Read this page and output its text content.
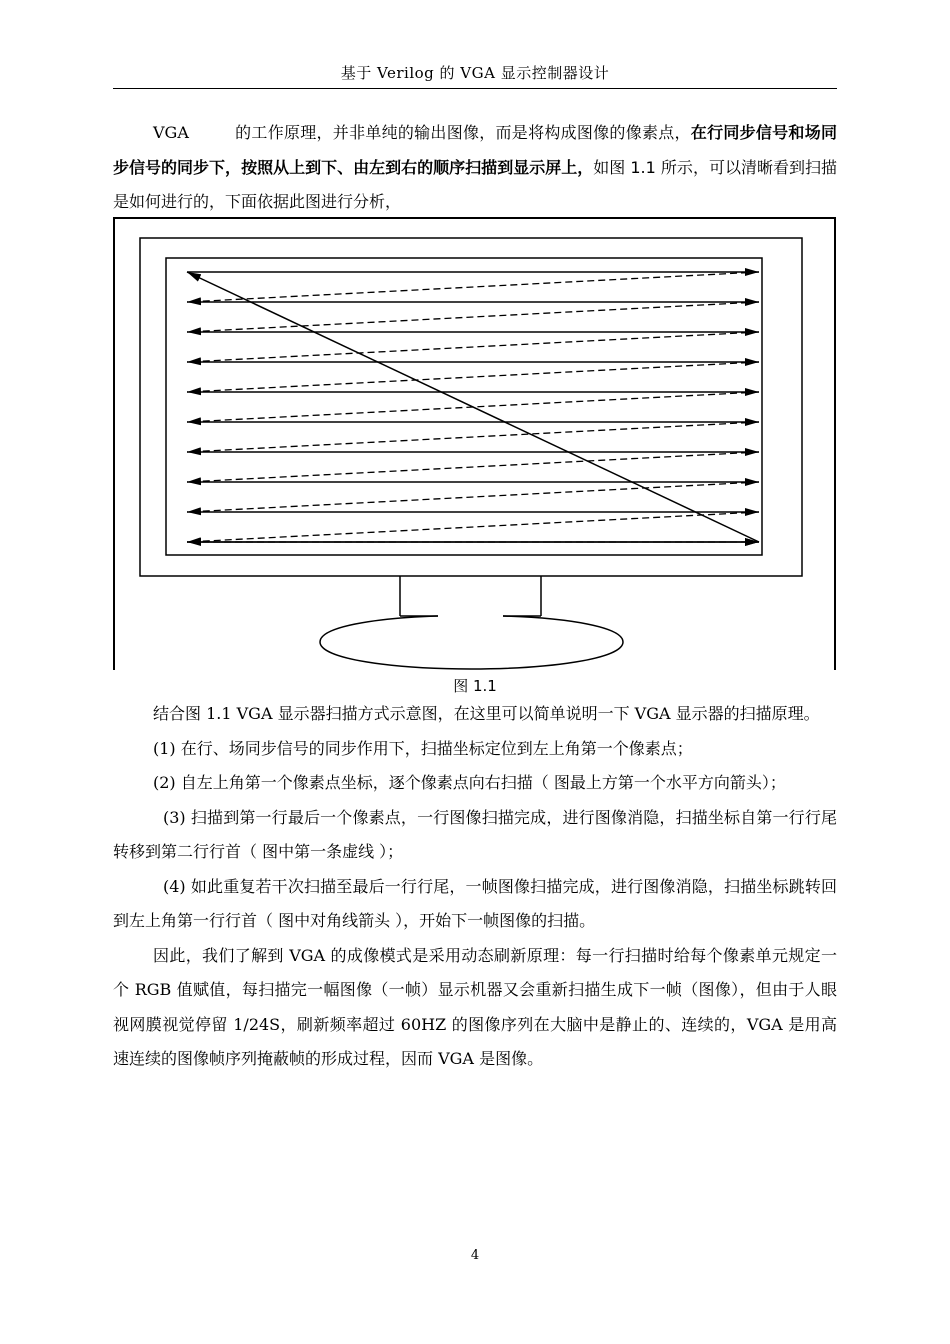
基于 Verilog 的 VGA 显示控制器设计

VGA	的工作原理，并非单纯的输出图像，而是将构成图像的像素点，在行同步信号和场同步信号的同步下，按照从上到下、由左到右的顺序扫描到显示屏上，如图 1.1 所示，可以清晰看到扫描是如何进行的，下面依据此图进行分析，

图 1.1

结合图 1.1 VGA 显示器扫描方式示意图，在这里可以简单说明一下 VGA 显示器的扫描原理。

(1) 在行、场同步信号的同步作用下，扫描坐标定位到左上角第一个像素点；

(2) 自左上角第一个像素点坐标，逐个像素点向右扫描（ 图最上方第一个水平方向箭头）；

(3) 扫描到第一行最后一个像素点，一行图像扫描完成，进行图像消隐，扫描坐标自第一行行尾转移到第二行行首（ 图中第一条虚线 ）；

(4) 如此重复若干次扫描至最后一行行尾，一帧图像扫描完成，进行图像消隐，扫描坐标跳转回到左上角第一行行首（ 图中对角线箭头 ），开始下一帧图像的扫描。

因此，我们了解到 VGA 的成像模式是采用动态刷新原理：每一行扫描时给每个像素单元规定一个 RGB 值赋值，每扫描完一幅图像（一帧）显示机器又会重新扫描生成下一帧（图像），但由于人眼视网膜视觉停留 1/24S，刷新频率超过 60HZ 的图像序列在大脑中是静止的、连续的，VGA 是用高速连续的图像帧序列掩蔽帧的形成过程，因而 VGA 是图像。

4
